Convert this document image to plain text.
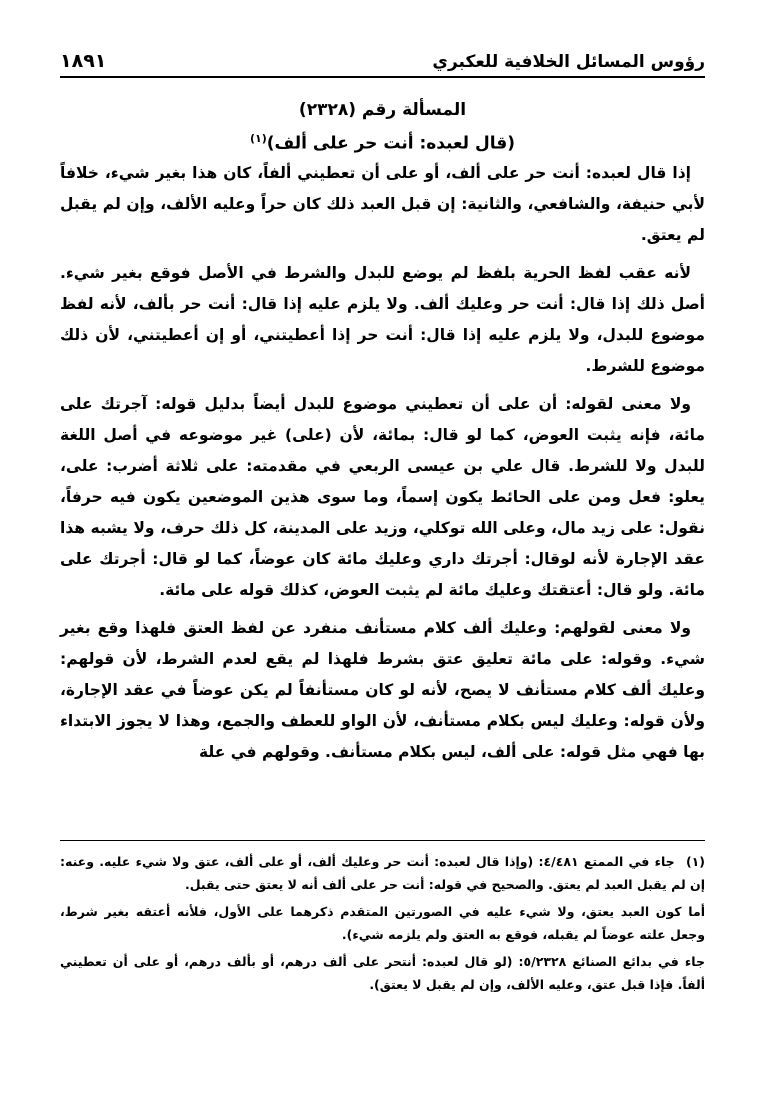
رؤوس المسائل الخلافية للعكبري
١٨٩١
المسألة رقم (٢٣٢٨)
(قال لعبده: أنت حر على ألف)$^{(١)}$

إذا قال لعبده: أنت حر على ألف، أو على أن تعطيني ألفاً، كان هذا بغير شيء، خلافاً لأبي حنيفة، والشافعي، والثانية: إن قبل العبد ذلك كان حراً وعليه الألف، وإن لم يقبل لم يعتق.

لأنه عقب لفظ الحرية بلفظ لم يوضع للبدل والشرط في الأصل فوقع بغير شيء. أصل ذلك إذا قال: أنت حر وعليك ألف. ولا يلزم عليه إذا قال: أنت حر بألف، لأنه لفظ موضوع للبدل، ولا يلزم عليه إذا قال: أنت حر إذا أعطيتني، أو إن أعطيتني، لأن ذلك موضوع للشرط.

ولا معنى لقوله: أن على أن تعطيني موضوع للبدل أيضاً بدليل قوله: آجرتك على مائة، فإنه يثبت العوض، كما لو قال: بمائة، لأن (على) غير موضوعه في أصل اللغة للبدل ولا للشرط. قال علي بن عيسى الربعي في مقدمته: على ثلاثة أضرب: على، يعلو: فعل ومن على الحائط يكون إسماً، وما سوى هذين الموضعين يكون فيه حرفاً، نقول: على زيد مال، وعلى الله توكلي، وزيد على المدينة، كل ذلك حرف، ولا يشبه هذا عقد الإجارة لأنه لوقال: أجرتك داري وعليك مائة كان عوضاً، كما لو قال: أجرتك على مائة. ولو قال: أعتقتك وعليك مائة لم يثبت العوض، كذلك قوله على مائة.

ولا معنى لقولهم: وعليك ألف كلام مستأنف منفرد عن لفظ العتق فلهذا وقع بغير شيء. وقوله: على مائة تعليق عتق بشرط فلهذا لم يقع لعدم الشرط، لأن قولهم: وعليك ألف كلام مستأنف لا يصح، لأنه لو كان مستأنفاً لم يكن عوضاً في عقد الإجارة، ولأن قوله: وعليك ليس بكلام مستأنف، لأن الواو للعطف والجمع، وهذا لا يجوز الابتداء بها فهي مثل قوله: على ألف، ليس بكلام مستأنف. وقولهم في علة

(١) جاء في الممتع ٤/٤٨١: (وإذا قال لعبده: أنت حر وعليك ألف، أو على ألف، عتق ولا شيء عليه. وعنه: إن لم يقبل العبد لم يعتق. والصحيح في قوله: أنت حر على ألف أنه لا يعتق حتى يقبل.

أما كون العبد يعتق، ولا شيء عليه في الصورتين المتقدم ذكرهما على الأول، فلأنه أعتقه بغير شرط، وجعل علته عوضاً لم يقبله، فوقع به العتق ولم يلزمه شيء).

جاء في بدائع الصنائع ٥/٢٣٢٨: (لو قال لعبده: أنتحر على ألف درهم، أو بألف درهم، أو على أن تعطيني ألفاً. فإذا قبل عتق، وعليه الألف، وإن لم يقبل لا يعتق).
